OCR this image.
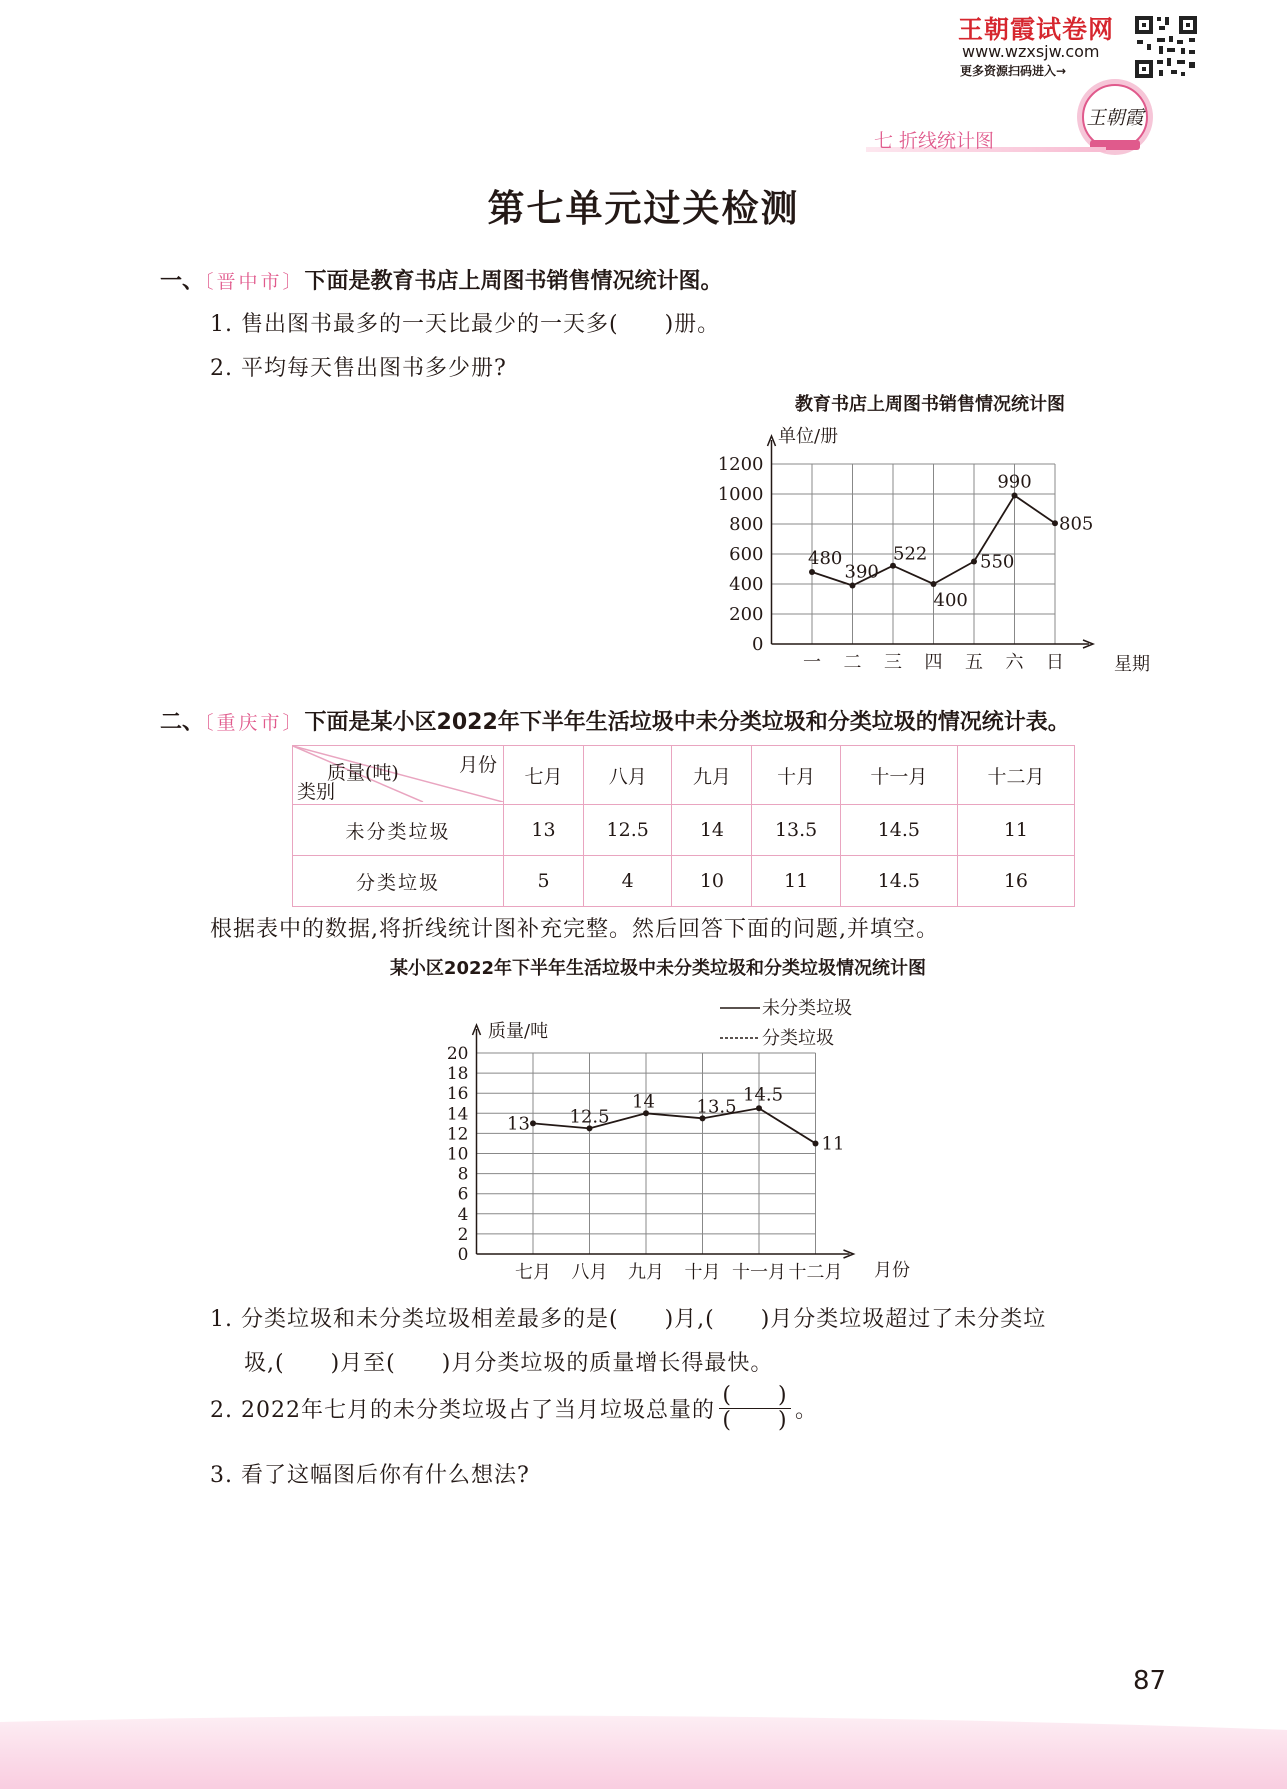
王朝霞试卷网
www.wzxsjw.com
更多资源扫码进入→
王朝霞
七 折线统计图
第七单元过关检测
一、〔晋中市〕下面是教育书店上周图书销售情况统计图。
1. 售出图书最多的一天比最少的一天多(　　)册。
2. 平均每天售出图书多少册?
教育书店上周图书销售情况统计图
单位/册
星期
0
200
400
600
800
1000
1200
一 二 三 四 五 六 日
480
390
522
400
550
990
805
二、〔重庆市〕下面是某小区2022年下半年生活垃圾中未分类垃圾和分类垃圾的情况统计表。
月份
质量(吨)
类别	七月	八月	九月	十月	十一月	十二月
未分类垃圾	13	12.5	14	13.5	14.5	11
分类垃圾	5	4	10	11	14.5	16
根据表中的数据,将折线统计图补充完整。然后回答下面的问题,并填空。
某小区2022年下半年生活垃圾中未分类垃圾和分类垃圾情况统计图
质量/吨
月份
未分类垃圾
分类垃圾
0
2
4
6
8
10
12
14
16
18
20
七月 八月 九月 十月 十一月 十二月
13 12.5
14 13.5
14.5
11
1. 分类垃圾和未分类垃圾相差最多的是(　　)月,(　　)月分类垃圾超过了未分类垃
圾,(　　)月至(　　)月分类垃圾的质量增长得最快。
2. 2022年七月的未分类垃圾占了当月垃圾总量的 $\frac{( )}{( )}$ 。
3. 看了这幅图后你有什么想法?
87
